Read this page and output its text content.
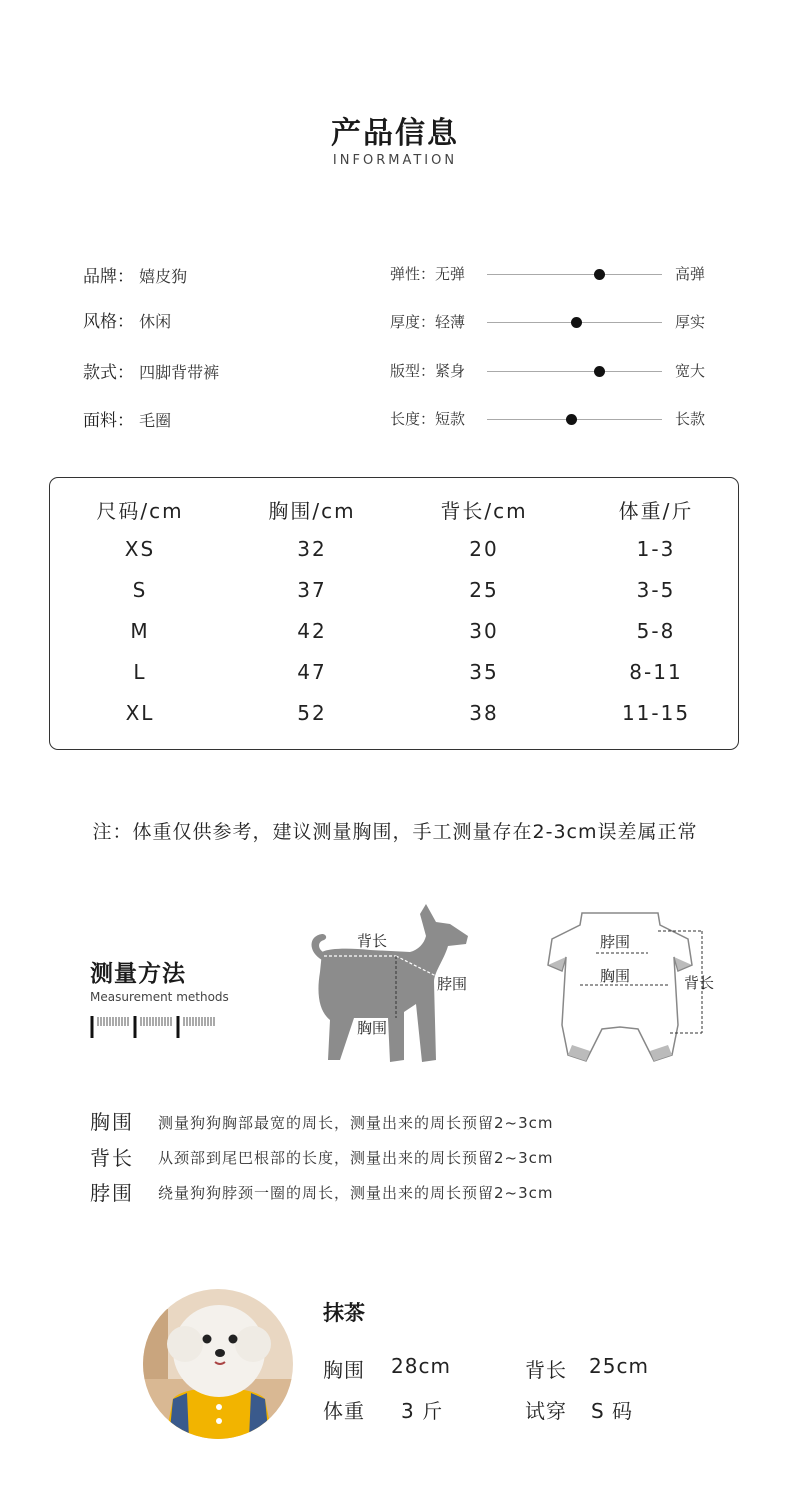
产品信息
INFORMATION
品牌： 嬉皮狗
风格： 休闲
款式： 四脚背带裤
面料： 毛圈
弹性：无弹	高弹
厚度：轻薄	厚实
版型：紧身	宽大
长度：短款	长款
尺码/cm	胸围/cm	背长/cm	体重/斤
XS	32	20	1-3
S	37	25	3-5
M	42	30	5-8
L	47	35	8-11
XL	52	38	11-15
注：体重仅供参考，建议测量胸围，手工测量存在2-3cm误差属正常
测量方法
Measurement methods
背长
脖围
胸围
脖围
胸围	背长
胸围 测量狗狗胸部最宽的周长，测量出来的周长预留2~3cm
背长 从颈部到尾巴根部的长度，测量出来的周长预留2~3cm
脖围 绕量狗狗脖颈一圈的周长，测量出来的周长预留2~3cm
抹茶
胸围 28cm	背长 25cm
体重 3 斤	试穿 S 码
